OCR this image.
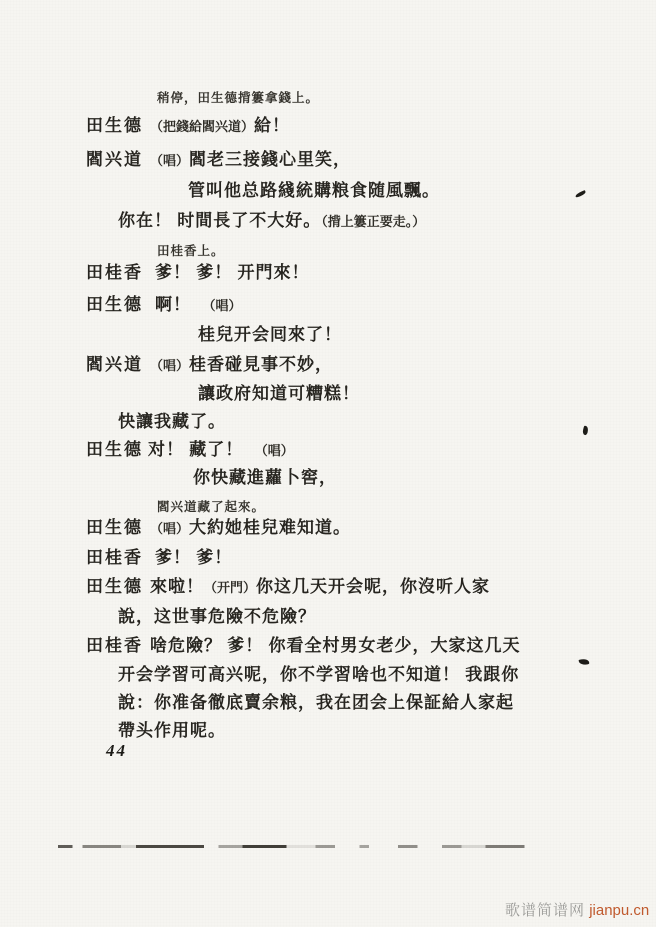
稍停，田生德揹簍拿錢上。
田生德 （把錢給閻兴道）給！
閻兴道 （唱）閻老三接錢心里笑，
管叫他总路綫統購粮食随風飄。
你在！ 时間長了不大好。（揹上簍正要走。）
田桂香上。
田桂香 爹！ 爹！ 开門來！
田生德 啊！　 （唱）
桂兒开会囘來了！
閻兴道 （唱）桂香碰見事不妙，
讓政府知道可糟糕！
快讓我藏了。
田生德 对！ 藏了！　 （唱）
你快藏進蘿卜窖，
閻兴道藏了起來。
田生德 （唱）大約她桂兒难知道。
田桂香 爹！ 爹！
田生德 來啦！（开門）你这几天开会呢，你沒听人家
說，这世事危險不危險？
田桂香 啥危險？ 爹！ 你看全村男女老少，大家这几天
开会学習可高兴呢，你不学習啥也不知道！ 我跟你
說：你准备徹底賣余粮，我在团会上保証給人家起
帶头作用呢。
44
歌谱简谱网 jianpu.cn
